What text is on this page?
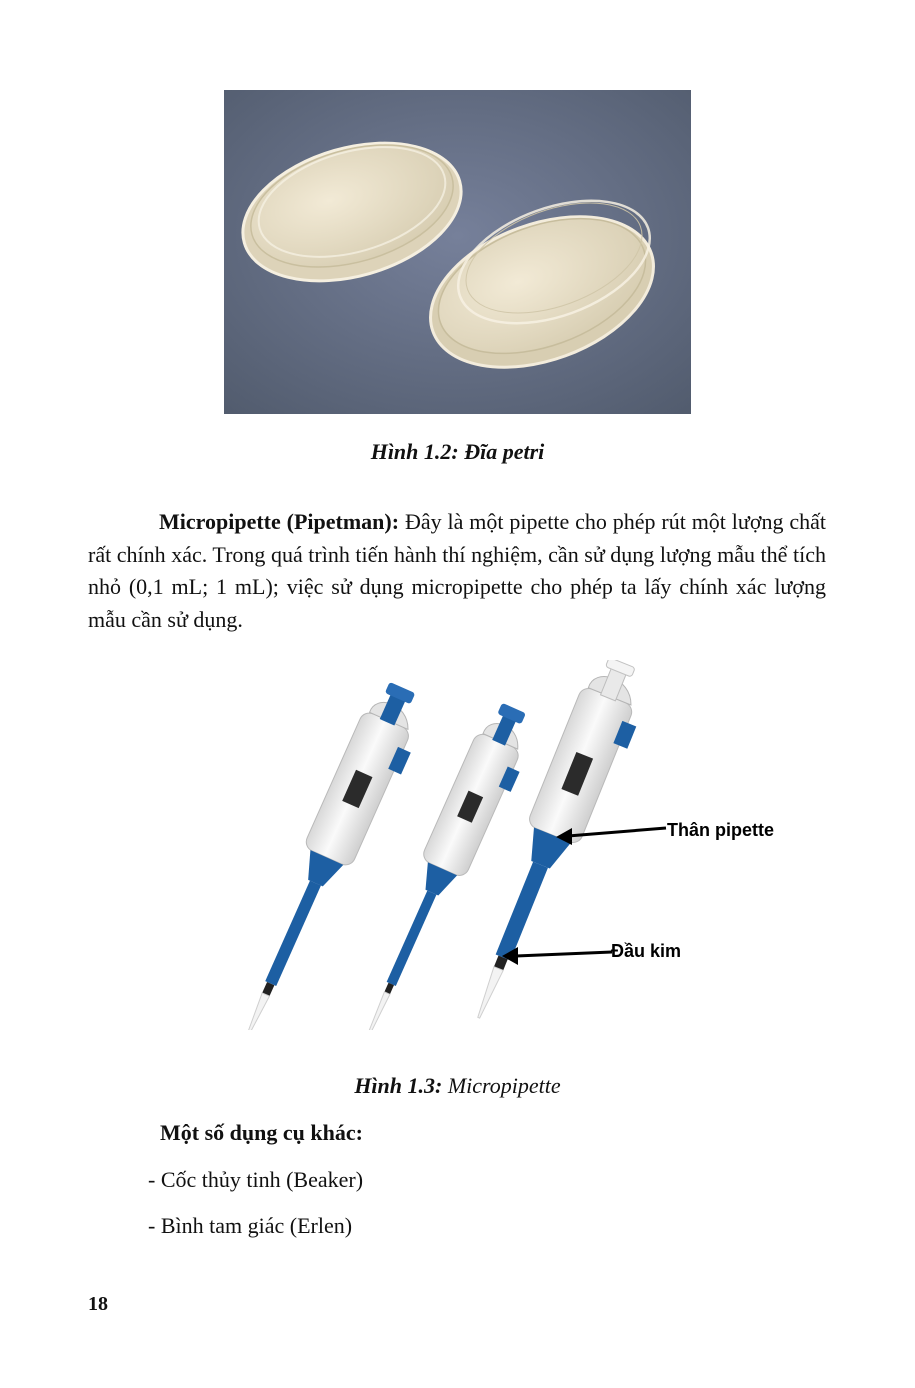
Hình 1.2: Đĩa petri

Micropipette (Pipetman): Đây là một pipette cho phép rút một lượng chất rất chính xác. Trong quá trình tiến hành thí nghiệm, cần sử dụng lượng mẫu thể tích nhỏ (0,1 mL; 1 mL); việc sử dụng micropipette cho phép ta lấy chính xác lượng mẫu cần sử dụng.

Thân pipette
Đầu kim
Hình 1.3: Micropipette
Một số dụng cụ khác:
- Cốc thủy tinh (Beaker)
- Bình tam giác (Erlen)
18
